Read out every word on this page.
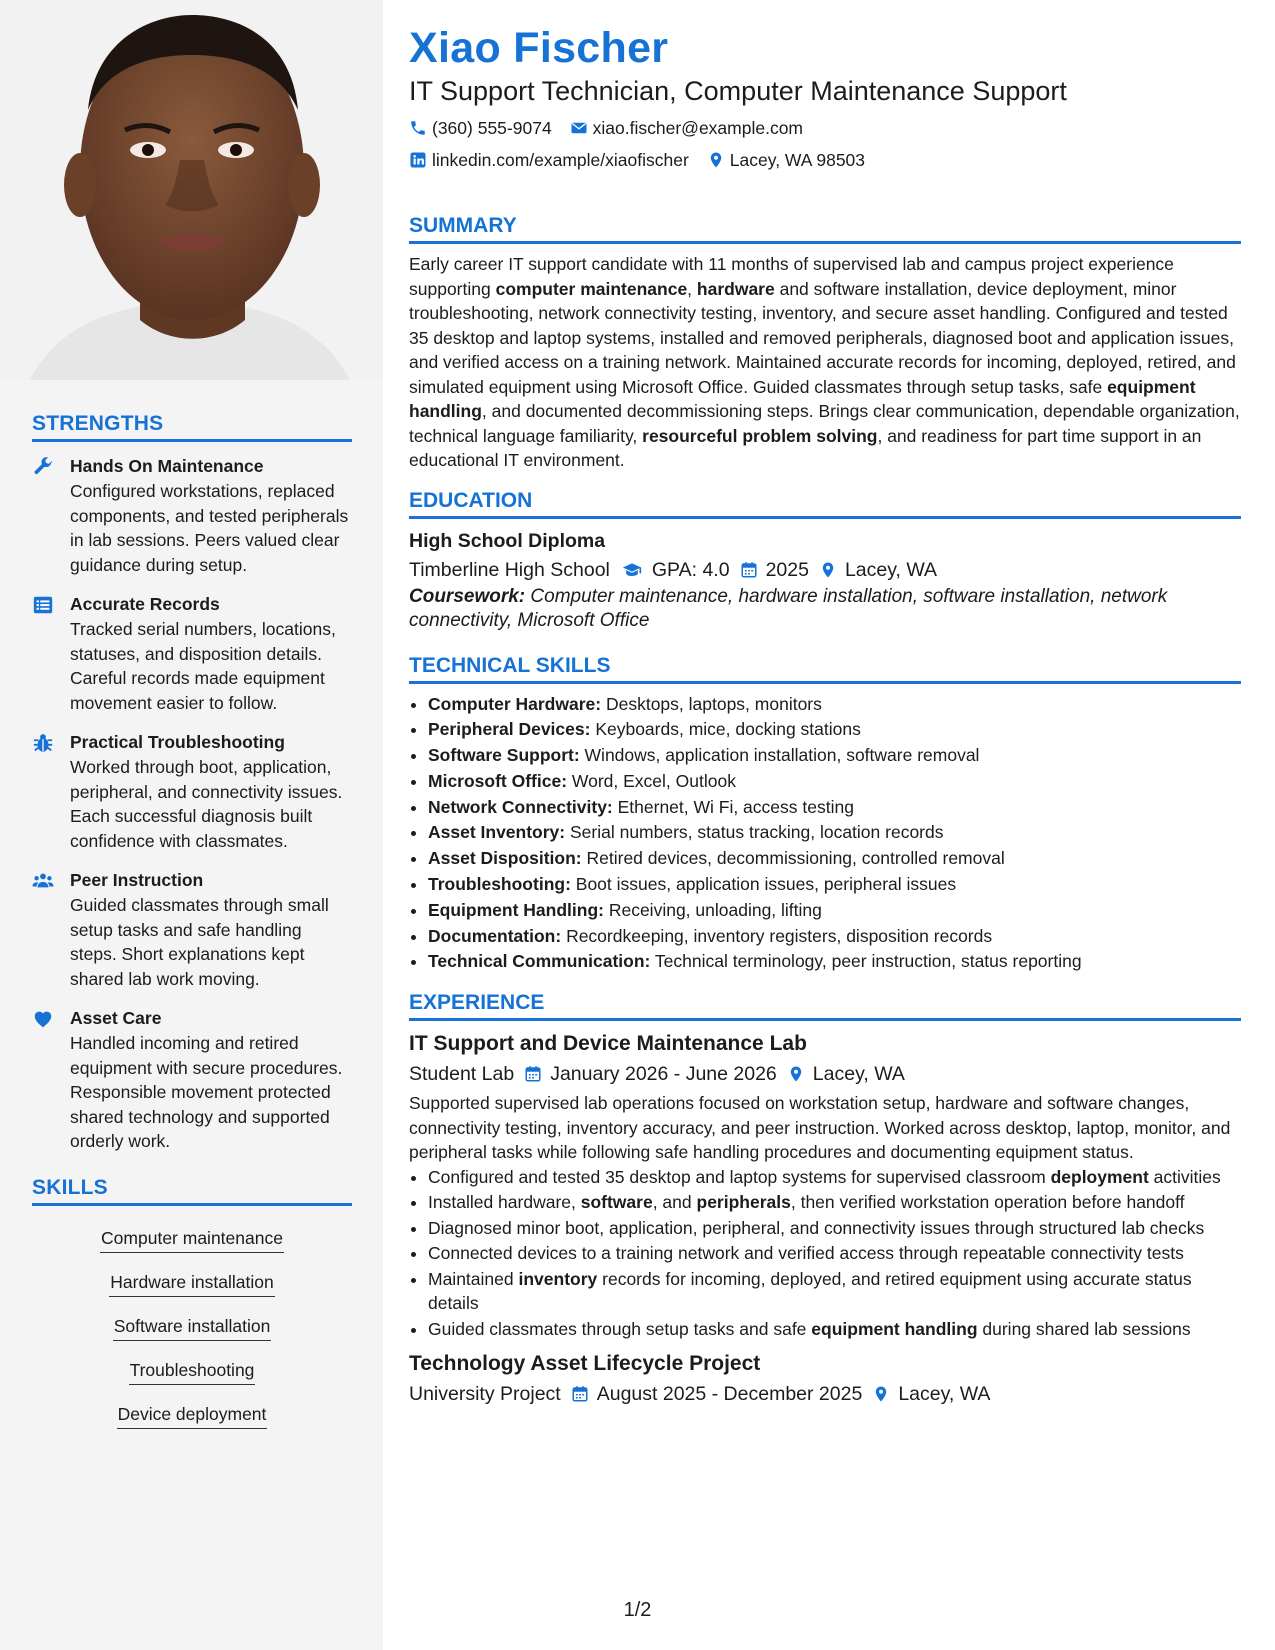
STRENGTHS
Hands On Maintenance
Configured workstations, replaced components, and tested peripherals in lab sessions. Peers valued clear guidance during setup.
Accurate Records
Tracked serial numbers, locations, statuses, and disposition details. Careful records made equipment movement easier to follow.
Practical Troubleshooting
Worked through boot, application, peripheral, and connectivity issues. Each successful diagnosis built confidence with classmates.
Peer Instruction
Guided classmates through small setup tasks and safe handling steps. Short explanations kept shared lab work moving.
Asset Care
Handled incoming and retired equipment with secure procedures. Responsible movement protected shared technology and supported orderly work.
SKILLS
Computer maintenance
Hardware installation
Software installation
Troubleshooting
Device deployment
Xiao Fischer
IT Support Technician, Computer Maintenance Support
(360) 555-9074 xiao.fischer@example.com
linkedin.com/example/xiaofischer Lacey, WA 98503
SUMMARY
Early career IT support candidate with 11 months of supervised lab and campus project experience supporting computer maintenance, hardware and software installation, device deployment, minor troubleshooting, network connectivity testing, inventory, and secure asset handling. Configured and tested 35 desktop and laptop systems, installed and removed peripherals, diagnosed boot and application issues, and verified access on a training network. Maintained accurate records for incoming, deployed, retired, and simulated equipment using Microsoft Office. Guided classmates through setup tasks, safe equipment handling, and documented decommissioning steps. Brings clear communication, dependable organization, technical language familiarity, resourceful problem solving, and readiness for part time support in an educational IT environment.
EDUCATION
High School Diploma
Timberline High School GPA: 4.0 2025 Lacey, WA
Coursework: Computer maintenance, hardware installation, software installation, network connectivity, Microsoft Office
TECHNICAL SKILLS
• Computer Hardware: Desktops, laptops, monitors
• Peripheral Devices: Keyboards, mice, docking stations
• Software Support: Windows, application installation, software removal
• Microsoft Office: Word, Excel, Outlook
• Network Connectivity: Ethernet, Wi Fi, access testing
• Asset Inventory: Serial numbers, status tracking, location records
• Asset Disposition: Retired devices, decommissioning, controlled removal
• Troubleshooting: Boot issues, application issues, peripheral issues
• Equipment Handling: Receiving, unloading, lifting
• Documentation: Recordkeeping, inventory registers, disposition records
• Technical Communication: Technical terminology, peer instruction, status reporting
EXPERIENCE
IT Support and Device Maintenance Lab
Student Lab January 2026 - June 2026 Lacey, WA
Supported supervised lab operations focused on workstation setup, hardware and software changes, connectivity testing, inventory accuracy, and peer instruction. Worked across desktop, laptop, monitor, and peripheral tasks while following safe handling procedures and documenting equipment status.
• Configured and tested 35 desktop and laptop systems for supervised classroom deployment activities
• Installed hardware, software, and peripherals, then verified workstation operation before handoff
• Diagnosed minor boot, application, peripheral, and connectivity issues through structured lab checks
• Connected devices to a training network and verified access through repeatable connectivity tests
• Maintained inventory records for incoming, deployed, and retired equipment using accurate status details
• Guided classmates through setup tasks and safe equipment handling during shared lab sessions
Technology Asset Lifecycle Project
University Project August 2025 - December 2025 Lacey, WA
1/2
